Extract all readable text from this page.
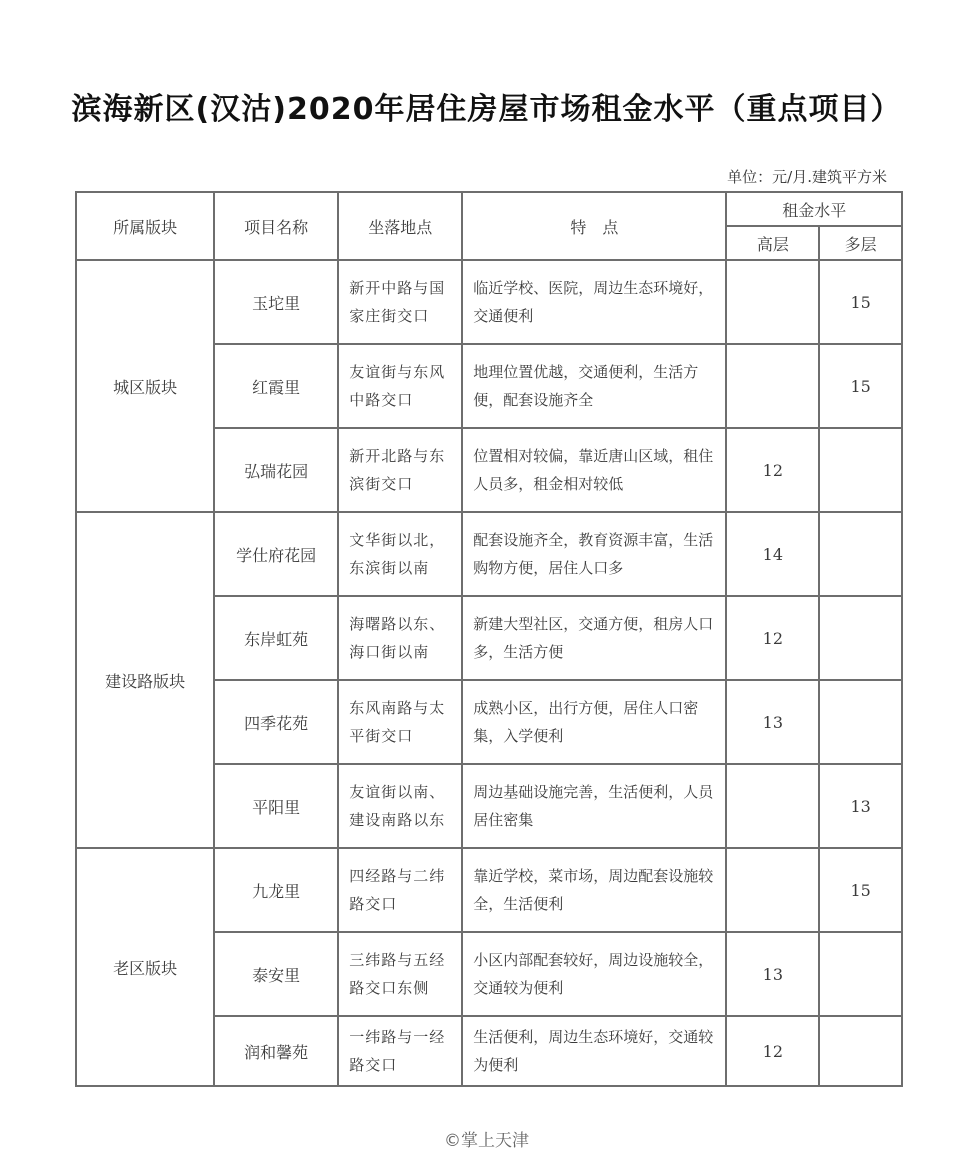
滨海新区(汉沽)2020年居住房屋市场租金水平（重点项目）
单位：元/月.建筑平方米
所属版块	项目名称	坐落地点	特　点	租金水平	
				高层	多层
城区版块	玉坨里	新开中路与国家庄街交口	临近学校、医院，周边生态环境好，交通便利		15
	红霞里	友谊街与东风中路交口	地理位置优越，交通便利，生活方便，配套设施齐全		15
	弘瑞花园	新开北路与东滨街交口	位置相对较偏，靠近唐山区域，租住人员多，租金相对较低	12	
建设路版块	学仕府花园	文华街以北，东滨街以南	配套设施齐全，教育资源丰富，生活购物方便，居住人口多	14	
	东岸虹苑	海曙路以东、海口街以南	新建大型社区，交通方便，租房人口多，生活方便	12	
	四季花苑	东风南路与太平街交口	成熟小区，出行方便，居住人口密集，入学便利	13	
	平阳里	友谊街以南、建设南路以东	周边基础设施完善，生活便利，人员居住密集		13
老区版块	九龙里	四经路与二纬路交口	靠近学校，菜市场，周边配套设施较全，生活便利		15
	泰安里	三纬路与五经路交口东侧	小区内部配套较好，周边设施较全，交通较为便利	13	
	润和馨苑	一纬路与一经路交口	生活便利，周边生态环境好，交通较为便利	12	
©掌上天津
